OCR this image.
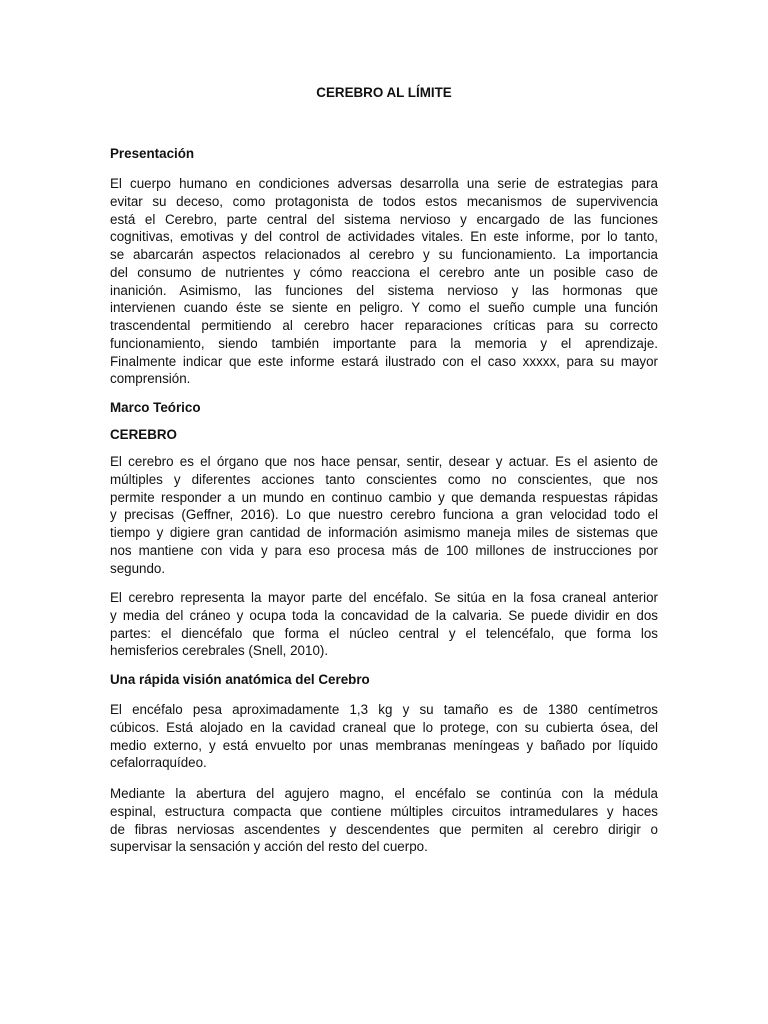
CEREBRO AL LÍMITE
Presentación
El cuerpo humano en condiciones adversas desarrolla una serie de estrategias para
evitar su deceso, como protagonista de todos estos mecanismos de supervivencia
está el Cerebro, parte central del sistema nervioso y encargado de las funciones
cognitivas, emotivas y del control de actividades vitales. En este informe, por lo tanto,
se abarcarán aspectos relacionados al cerebro y su funcionamiento. La importancia
del consumo de nutrientes y cómo reacciona el cerebro ante un posible caso de
inanición. Asimismo, las funciones del sistema nervioso y las hormonas que
intervienen cuando éste se siente en peligro. Y como el sueño cumple una función
trascendental permitiendo al cerebro hacer reparaciones críticas para su correcto
funcionamiento, siendo también importante para la memoria y el aprendizaje.
Finalmente indicar que este informe estará ilustrado con el caso xxxxx, para su mayor
comprensión.
Marco Teórico
CEREBRO
El cerebro es el órgano que nos hace pensar, sentir, desear y actuar. Es el asiento de
múltiples y diferentes acciones tanto conscientes como no conscientes, que nos
permite responder a un mundo en continuo cambio y que demanda respuestas rápidas
y precisas (Geffner, 2016). Lo que nuestro cerebro funciona a gran velocidad todo el
tiempo y digiere gran cantidad de información asimismo maneja miles de sistemas que
nos mantiene con vida y para eso procesa más de 100 millones de instrucciones por
segundo.
El cerebro representa la mayor parte del encéfalo. Se sitúa en la fosa craneal anterior
y media del cráneo y ocupa toda la concavidad de la calvaria. Se puede dividir en dos
partes: el diencéfalo que forma el núcleo central y el telencéfalo, que forma los
hemisferios cerebrales (Snell, 2010).
Una rápida visión anatómica del Cerebro
El encéfalo pesa aproximadamente 1,3 kg y su tamaño es de 1380 centímetros
cúbicos. Está alojado en la cavidad craneal que lo protege, con su cubierta ósea, del
medio externo, y está envuelto por unas membranas meníngeas y bañado por líquido
cefalorraquídeo.
Mediante la abertura del agujero magno, el encéfalo se continúa con la médula
espinal, estructura compacta que contiene múltiples circuitos intramedulares y haces
de fibras nerviosas ascendentes y descendentes que permiten al cerebro dirigir o
supervisar la sensación y acción del resto del cuerpo.
